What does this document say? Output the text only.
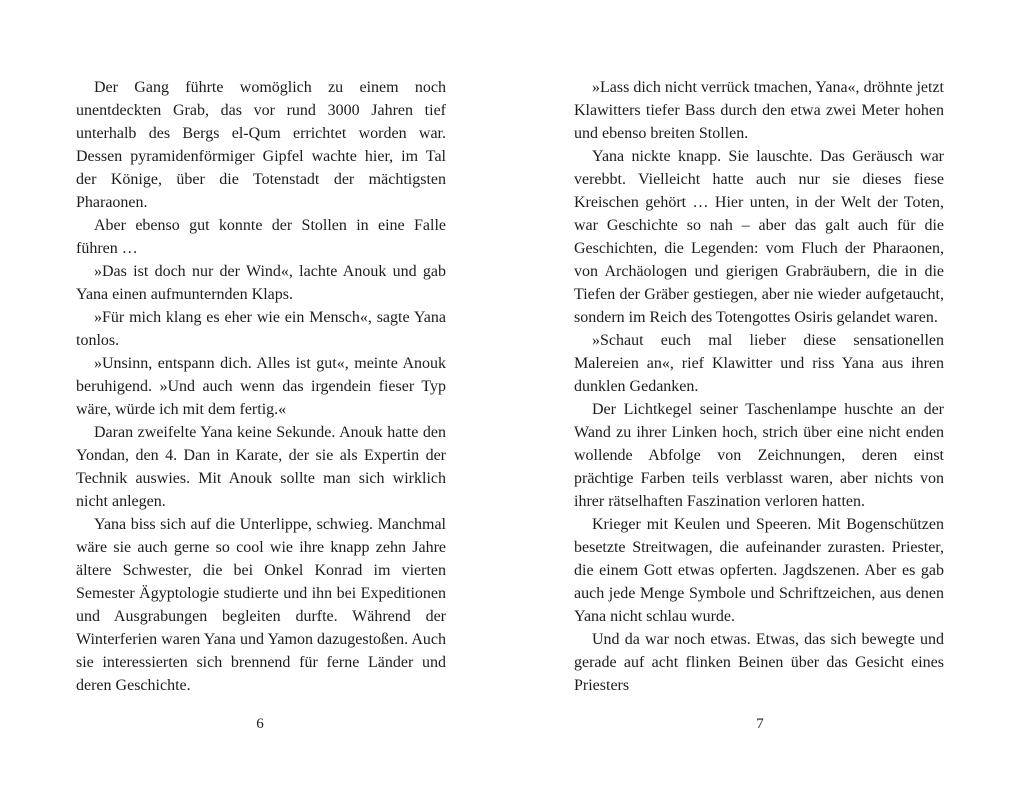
Der Gang führte womöglich zu einem noch unentdeckten Grab, das vor rund 3000 Jahren tief unterhalb des Bergs el-Qum errichtet worden war. Dessen pyramidenförmiger Gipfel wachte hier, im Tal der Könige, über die Totenstadt der mächtigsten Pharaonen.

Aber ebenso gut konnte der Stollen in eine Falle führen …

»Das ist doch nur der Wind«, lachte Anouk und gab Yana einen aufmunternden Klaps.

»Für mich klang es eher wie ein Mensch«, sagte Yana tonlos.

»Unsinn, entspann dich. Alles ist gut«, meinte Anouk beruhigend. »Und auch wenn das irgendein fieser Typ wäre, würde ich mit dem fertig.«

Daran zweifelte Yana keine Sekunde. Anouk hatte den Yondan, den 4. Dan in Karate, der sie als Expertin der Technik auswies. Mit Anouk sollte man sich wirklich nicht anlegen.

Yana biss sich auf die Unterlippe, schwieg. Manchmal wäre sie auch gerne so cool wie ihre knapp zehn Jahre ältere Schwester, die bei Onkel Konrad im vierten Semester Ägyptologie studierte und ihn bei Expeditionen und Ausgrabungen begleiten durfte. Während der Winterferien waren Yana und Yamon dazugestoßen. Auch sie interessierten sich brennend für ferne Länder und deren Geschichte.

6

»Lass dich nicht verrück tmachen, Yana«, dröhnte jetzt Klawitters tiefer Bass durch den etwa zwei Meter hohen und ebenso breiten Stollen.

Yana nickte knapp. Sie lauschte. Das Geräusch war verebbt. Vielleicht hatte auch nur sie dieses fiese Kreischen gehört … Hier unten, in der Welt der Toten, war Geschichte so nah – aber das galt auch für die Geschichten, die Legenden: vom Fluch der Pharaonen, von Archäologen und gierigen Grabräubern, die in die Tiefen der Gräber gestiegen, aber nie wieder aufgetaucht, sondern im Reich des Totengottes Osiris gelandet waren.

»Schaut euch mal lieber diese sensationellen Malereien an«, rief Klawitter und riss Yana aus ihren dunklen Gedanken.

Der Lichtkegel seiner Taschenlampe huschte an der Wand zu ihrer Linken hoch, strich über eine nicht enden wollende Abfolge von Zeichnungen, deren einst prächtige Farben teils verblasst waren, aber nichts von ihrer rätselhaften Faszination verloren hatten.

Krieger mit Keulen und Speeren. Mit Bogenschützen besetzte Streitwagen, die aufeinander zurasten. Priester, die einem Gott etwas opferten. Jagdszenen. Aber es gab auch jede Menge Symbole und Schriftzeichen, aus denen Yana nicht schlau wurde.

Und da war noch etwas. Etwas, das sich bewegte und gerade auf acht flinken Beinen über das Gesicht eines Priesters

7
